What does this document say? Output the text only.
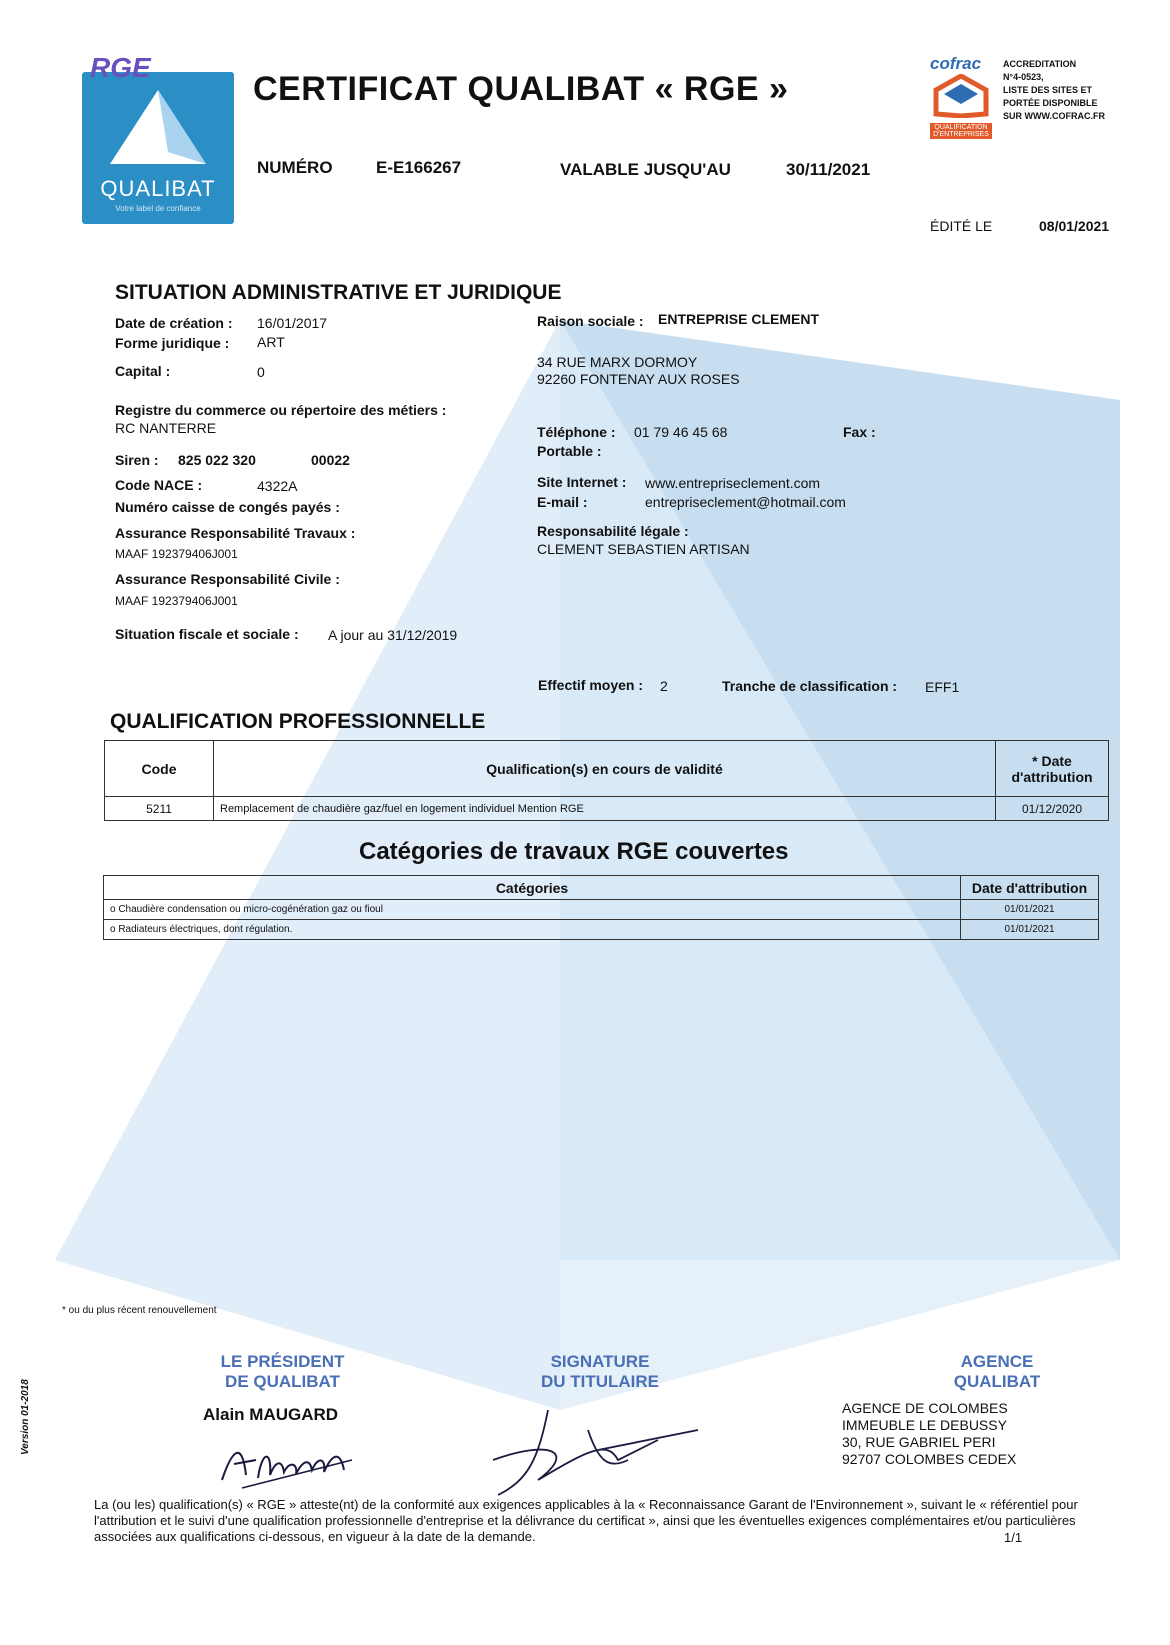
RGE
QUALIBAT
Votre label de confiance
CERTIFICAT QUALIBAT « RGE »
NUMÉRO	E-E166267	VALABLE JUSQU'AU	30/11/2021
cofrac
QUALIFICATION D'ENTREPRISES
ACCREDITATION
N°4-0523,
LISTE DES SITES ET
PORTÉE DISPONIBLE
SUR WWW.COFRAC.FR
ÉDITÉ LE	08/01/2021
SITUATION ADMINISTRATIVE ET JURIDIQUE
Date de création : 16/01/2017
Forme juridique : ART
Capital :	0
Registre du commerce ou répertoire des métiers :
RC NANTERRE
Siren : 825 022 320	00022
Code NACE :	4322A
Numéro caisse de congés payés :
Assurance Responsabilité Travaux :
MAAF 192379406J001
Assurance Responsabilité Civile :
MAAF 192379406J001
Situation fiscale et sociale : A jour au 31/12/2019
Raison sociale : ENTREPRISE CLEMENT
34 RUE MARX DORMOY
92260 FONTENAY AUX ROSES
Téléphone : 01 79 46 45 68	Fax :
Portable :
Site Internet : www.entrepriseclement.com
E-mail :	entrepriseclement@hotmail.com
Responsabilité légale :
CLEMENT SEBASTIEN ARTISAN
Effectif moyen : 2	Tranche de classification : EFF1
QUALIFICATION PROFESSIONNELLE
Code	Qualification(s) en cours de validité	* Date
d'attribution

5211	Remplacement de chaudière gaz/fuel en logement individuel Mention RGE	01/12/2020
Catégories de travaux RGE couvertes
Catégories	Date d'attribution
o Chaudière condensation ou micro-cogénération gaz ou fioul	01/01/2021
o Radiateurs électriques, dont régulation.	01/01/2021
* ou du plus récent renouvellement
LE PRÉSIDENT
DE QUALIBAT
Alain MAUGARD
SIGNATURE
DU TITULAIRE
AGENCE
QUALIBAT
AGENCE DE COLOMBES
IMMEUBLE LE DEBUSSY
30, RUE GABRIEL PERI
92707 COLOMBES CEDEX
Version 01-2018
La (ou les) qualification(s) « RGE » atteste(nt) de la conformité aux exigences applicables à la « Reconnaissance Garant de l'Environnement », suivant le « référentiel pour l'attribution et le suivi d'une qualification professionnelle d'entreprise et la délivrance du certificat », ainsi que les éventuelles exigences complémentaires et/ou particulières associées aux qualifications ci-dessous, en vigueur à la date de la demande.	1/1
